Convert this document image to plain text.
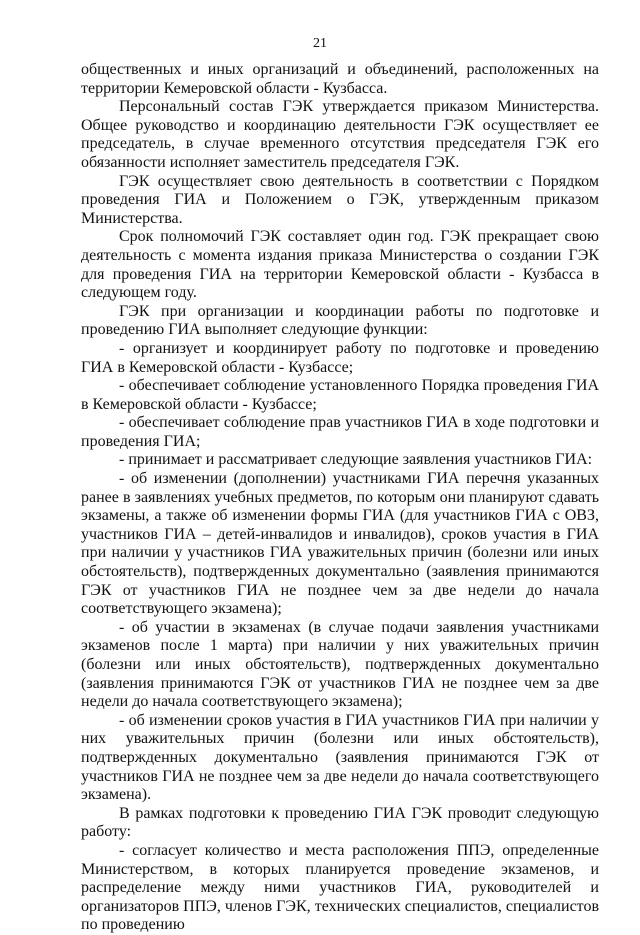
21

общественных и иных организаций и объединений, расположенных на территории Кемеровской области - Кузбасса.

Персональный состав ГЭК утверждается приказом Министерства. Общее руководство и координацию деятельности ГЭК осуществляет ее председатель, в случае временного отсутствия председателя ГЭК его обязанности исполняет заместитель председателя ГЭК.

ГЭК осуществляет свою деятельность в соответствии с Порядком проведения ГИА и Положением о ГЭК, утвержденным приказом Министерства.

Срок полномочий ГЭК составляет один год. ГЭК прекращает свою деятельность с момента издания приказа Министерства о создании ГЭК для проведения ГИА на территории Кемеровской области - Кузбасса в следующем году.

ГЭК при организации и координации работы по подготовке и проведению ГИА выполняет следующие функции:

- организует и координирует работу по подготовке и проведению ГИА в Кемеровской области - Кузбассе;

- обеспечивает соблюдение установленного Порядка проведения ГИА в Кемеровской области - Кузбассе;

- обеспечивает соблюдение прав участников ГИА в ходе подготовки и проведения ГИА;

- принимает и рассматривает следующие заявления участников ГИА:

- об изменении (дополнении) участниками ГИА перечня указанных ранее в заявлениях учебных предметов, по которым они планируют сдавать экзамены, а также об изменении формы ГИА (для участников ГИА с ОВЗ, участников ГИА – детей-инвалидов и инвалидов), сроков участия в ГИА при наличии у участников ГИА уважительных причин (болезни или иных обстоятельств), подтвержденных документально (заявления принимаются ГЭК от участников ГИА не позднее чем за две недели до начала соответствующего экзамена);

- об участии в экзаменах (в случае подачи заявления участниками экзаменов после 1 марта) при наличии у них уважительных причин (болезни или иных обстоятельств), подтвержденных документально (заявления принимаются ГЭК от участников ГИА не позднее чем за две недели до начала соответствующего экзамена);

- об изменении сроков участия в ГИА участников ГИА при наличии у них уважительных причин (болезни или иных обстоятельств), подтвержденных документально (заявления принимаются ГЭК от участников ГИА не позднее чем за две недели до начала соответствующего экзамена).

В рамках подготовки к проведению ГИА ГЭК проводит следующую работу:

- согласует количество и места расположения ППЭ, определенные Министерством, в которых планируется проведение экзаменов, и распределение между ними участников ГИА, руководителей и организаторов ППЭ, членов ГЭК, технических специалистов, специалистов по проведению
